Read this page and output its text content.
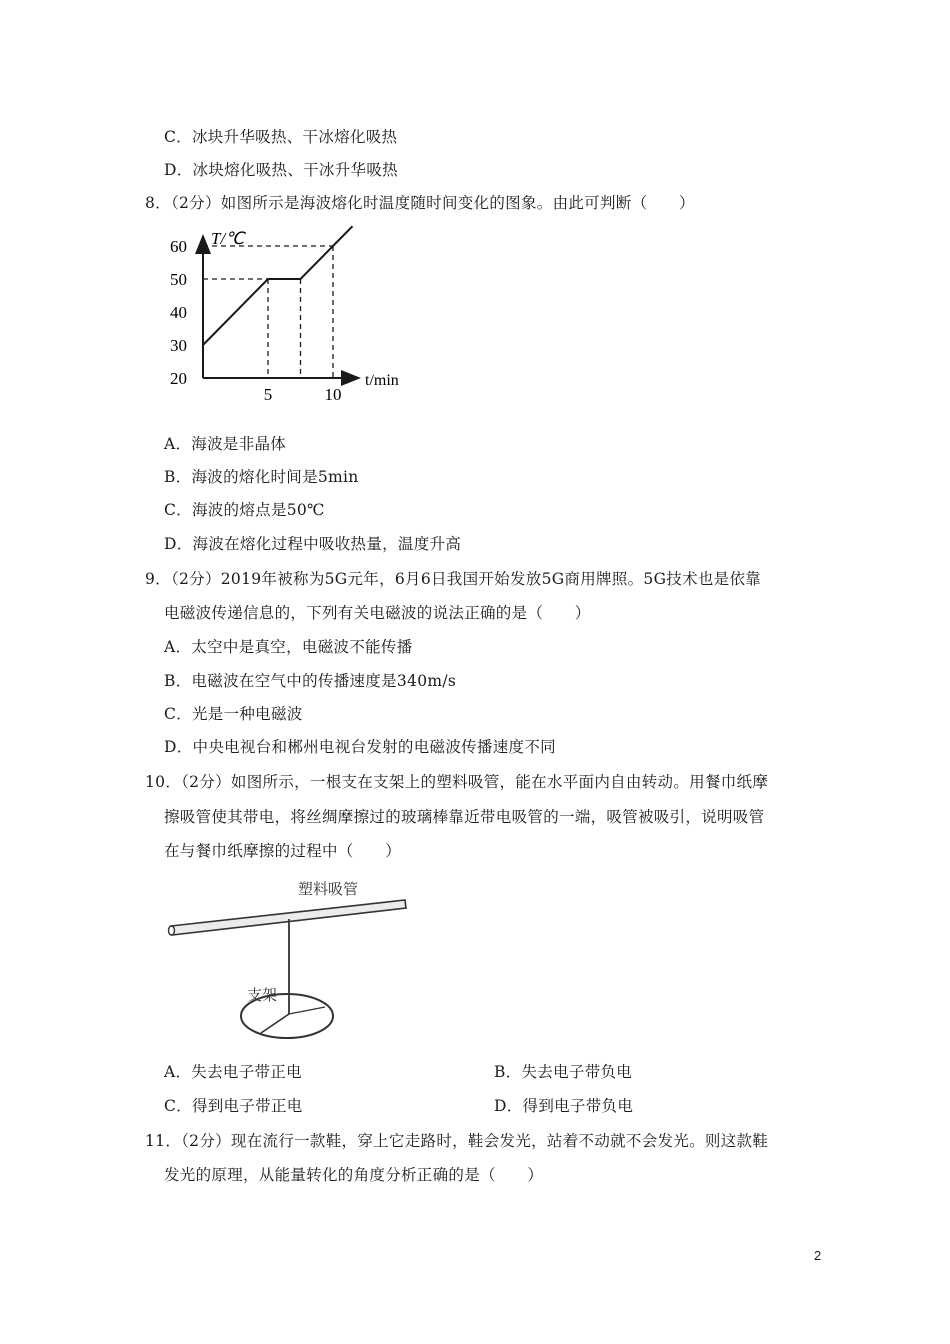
C．冰块升华吸热、干冰熔化吸热
D．冰块熔化吸热、干冰升华吸热
8．（2分）如图所示是海波熔化时温度随时间变化的图象。由此可判断（　　）
T/℃
t/min
20
30
40
50
60
5	10
A．海波是非晶体
B．海波的熔化时间是5min
C．海波的熔点是50℃
D．海波在熔化过程中吸收热量，温度升高
9．（2分）2019年被称为5G元年，6月6日我国开始发放5G商用牌照。5G技术也是依靠
电磁波传递信息的，下列有关电磁波的说法正确的是（　　）
A．太空中是真空，电磁波不能传播
B．电磁波在空气中的传播速度是340m/s
C．光是一种电磁波
D．中央电视台和郴州电视台发射的电磁波传播速度不同
10．（2分）如图所示，一根支在支架上的塑料吸管，能在水平面内自由转动。用餐巾纸摩
擦吸管使其带电，将丝绸摩擦过的玻璃棒靠近带电吸管的一端，吸管被吸引，说明吸管
在与餐巾纸摩擦的过程中（　　）
塑料吸管
支架
A．失去电子带正电	B．失去电子带负电
C．得到电子带正电	D．得到电子带负电
11．（2分）现在流行一款鞋，穿上它走路时，鞋会发光，站着不动就不会发光。则这款鞋
发光的原理，从能量转化的角度分析正确的是（　　）
2
